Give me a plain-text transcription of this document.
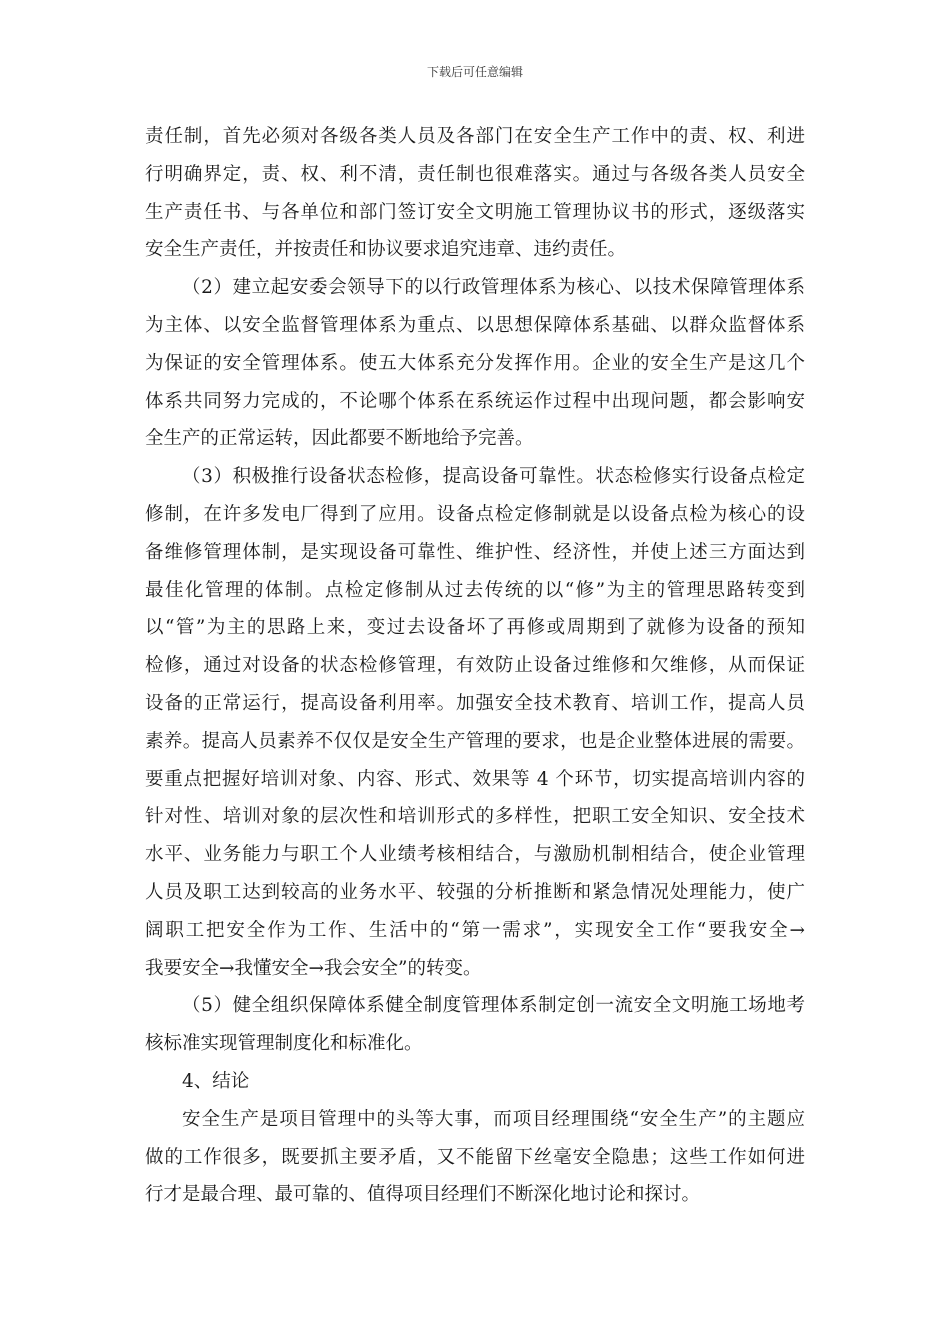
下载后可任意编辑
责任制，首先必须对各级各类人员及各部门在安全生产工作中的责、权、利进
行明确界定，责、权、利不清，责任制也很难落实。通过与各级各类人员安全
生产责任书、与各单位和部门签订安全文明施工管理协议书的形式，逐级落实
安全生产责任，并按责任和协议要求追究违章、违约责任。
（2）建立起安委会领导下的以行政管理体系为核心、以技术保障管理体系
为主体、以安全监督管理体系为重点、以思想保障体系基础、以群众监督体系
为保证的安全管理体系。使五大体系充分发挥作用。企业的安全生产是这几个
体系共同努力完成的，不论哪个体系在系统运作过程中出现问题，都会影响安
全生产的正常运转，因此都要不断地给予完善。
（3）积极推行设备状态检修，提高设备可靠性。状态检修实行设备点检定
修制，在许多发电厂得到了应用。设备点检定修制就是以设备点检为核心的设
备维修管理体制，是实现设备可靠性、维护性、经济性，并使上述三方面达到
最佳化管理的体制。点检定修制从过去传统的以“修”为主的管理思路转变到
以“管”为主的思路上来，变过去设备坏了再修或周期到了就修为设备的预知
检修，通过对设备的状态检修管理，有效防止设备过维修和欠维修，从而保证
设备的正常运行，提高设备利用率。加强安全技术教育、培训工作，提高人员
素养。提高人员素养不仅仅是安全生产管理的要求，也是企业整体进展的需要。
要重点把握好培训对象、内容、形式、效果等 4 个环节，切实提高培训内容的
针对性、培训对象的层次性和培训形式的多样性，把职工安全知识、安全技术
水平、业务能力与职工个人业绩考核相结合，与激励机制相结合，使企业管理
人员及职工达到较高的业务水平、较强的分析推断和紧急情况处理能力，使广
阔职工把安全作为工作、生活中的“第一需求”，实现安全工作“要我安全→
我要安全→我懂安全→我会安全”的转变。
（5）健全组织保障体系健全制度管理体系制定创一流安全文明施工场地考
核标准实现管理制度化和标准化。
4、结论
安全生产是项目管理中的头等大事，而项目经理围绕“安全生产”的主题应
做的工作很多，既要抓主要矛盾，又不能留下丝毫安全隐患；这些工作如何进
行才是最合理、最可靠的、值得项目经理们不断深化地讨论和探讨。
